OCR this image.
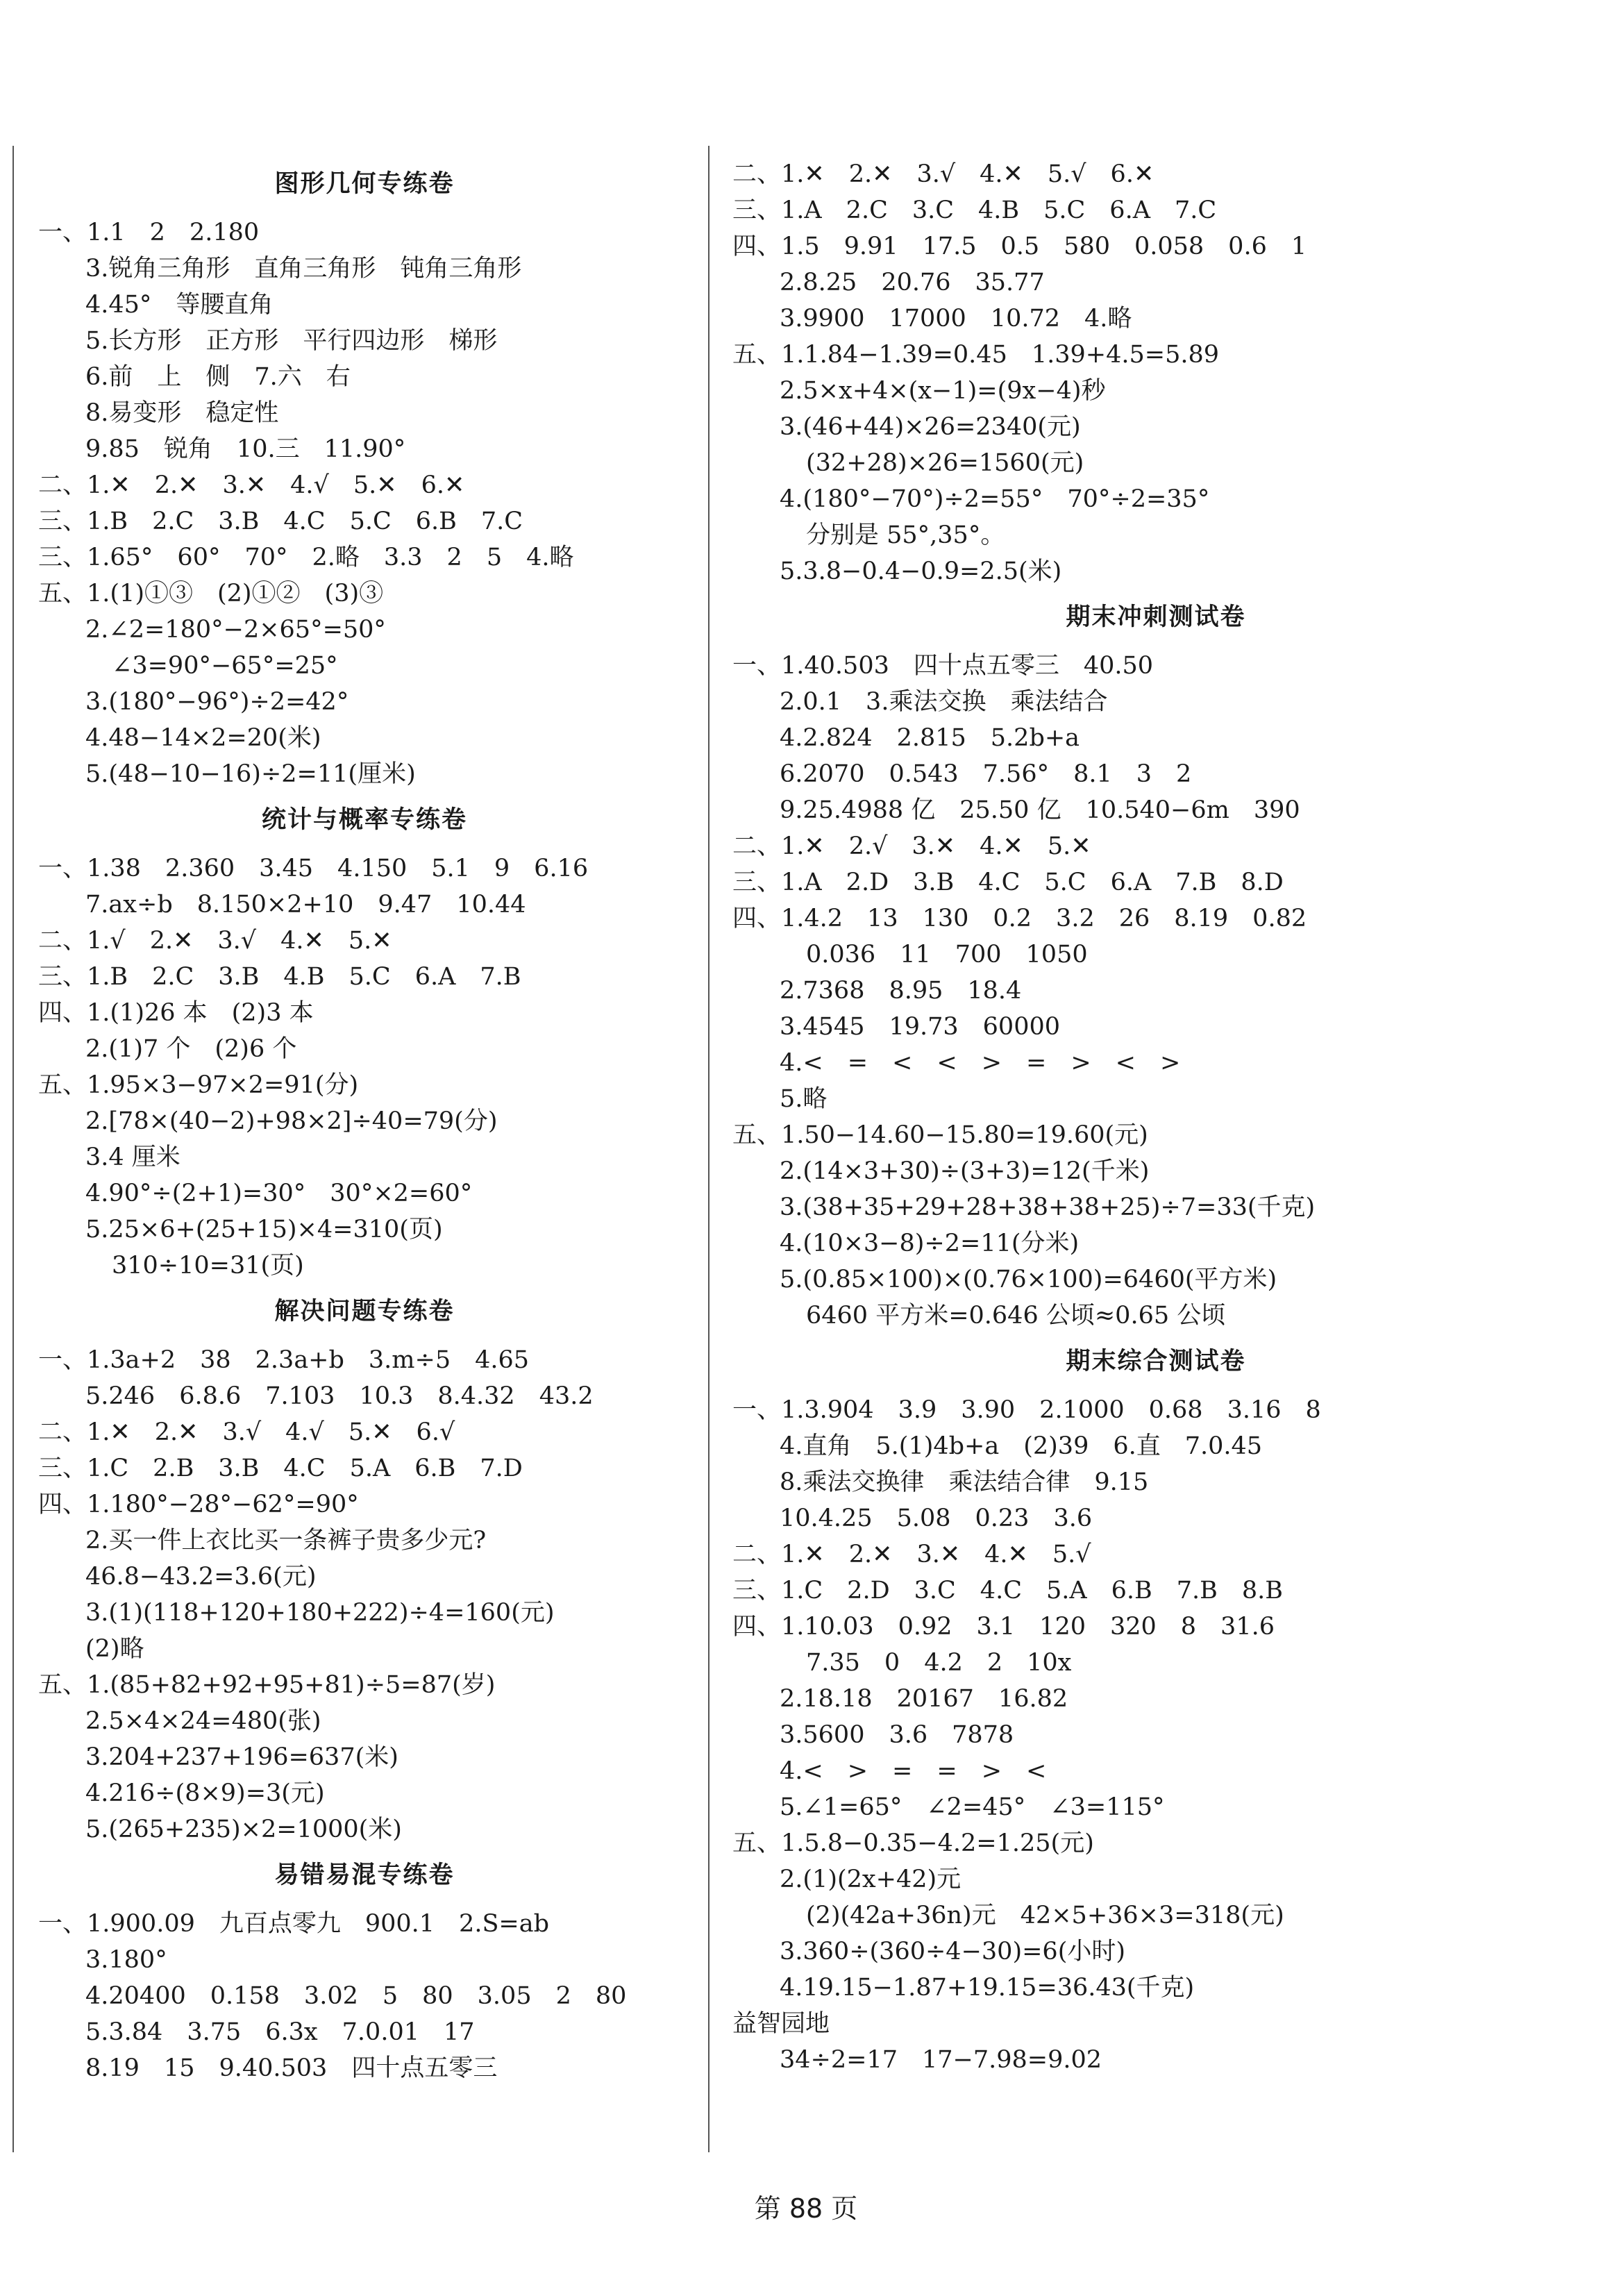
图形几何专练卷
一、1.1　2　2.180
3.锐角三角形　直角三角形　钝角三角形
4.45°　等腰直角
5.长方形　正方形　平行四边形　梯形
6.前　上　侧　7.六　右
8.易变形　稳定性
9.85　锐角　10.三　11.90°
二、1.✕　2.✕　3.✕　4.√　5.✕　6.✕
三、1.B　2.C　3.B　4.C　5.C　6.B　7.C
三、1.65°　60°　70°　2.略　3.3　2　5　4.略
五、1.(1)①③　(2)①②　(3)③
2.∠2=180°−2×65°=50°
∠3=90°−65°=25°
3.(180°−96°)÷2=42°
4.48−14×2=20(米)
5.(48−10−16)÷2=11(厘米)
统计与概率专练卷
一、1.38　2.360　3.45　4.150　5.1　9　6.16
7.ax÷b　8.150×2+10　9.47　10.44
二、1.√　2.✕　3.√　4.✕　5.✕
三、1.B　2.C　3.B　4.B　5.C　6.A　7.B
四、1.(1)26 本　(2)3 本
2.(1)7 个　(2)6 个
五、1.95×3−97×2=91(分)
2.[78×(40−2)+98×2]÷40=79(分)
3.4 厘米
4.90°÷(2+1)=30°　30°×2=60°
5.25×6+(25+15)×4=310(页)
310÷10=31(页)
解决问题专练卷
一、1.3a+2　38　2.3a+b　3.m÷5　4.65
5.246　6.8.6　7.103　10.3　8.4.32　43.2
二、1.✕　2.✕　3.√　4.√　5.✕　6.√
三、1.C　2.B　3.B　4.C　5.A　6.B　7.D
四、1.180°−28°−62°=90°
2.买一件上衣比买一条裤子贵多少元?
46.8−43.2=3.6(元)
3.(1)(118+120+180+222)÷4=160(元)
(2)略
五、1.(85+82+92+95+81)÷5=87(岁)
2.5×4×24=480(张)
3.204+237+196=637(米)
4.216÷(8×9)=3(元)
5.(265+235)×2=1000(米)
易错易混专练卷
一、1.900.09　九百点零九　900.1　2.S=ab
3.180°
4.20400　0.158　3.02　5　80　3.05　2　80
5.3.84　3.75　6.3x　7.0.01　17
8.19　15　9.40.503　四十点五零三
二、1.✕　2.✕　3.√　4.✕　5.√　6.✕
三、1.A　2.C　3.C　4.B　5.C　6.A　7.C
四、1.5　9.91　17.5　0.5　580　0.058　0.6　1
2.8.25　20.76　35.77
3.9900　17000　10.72　4.略
五、1.1.84−1.39=0.45　1.39+4.5=5.89
2.5×x+4×(x−1)=(9x−4)秒
3.(46+44)×26=2340(元)
(32+28)×26=1560(元)
4.(180°−70°)÷2=55°　70°÷2=35°
分别是 55°,35°。
5.3.8−0.4−0.9=2.5(米)
期末冲刺测试卷
一、1.40.503　四十点五零三　40.50
2.0.1　3.乘法交换　乘法结合
4.2.824　2.815　5.2b+a
6.2070　0.543　7.56°　8.1　3　2
9.25.4988 亿　25.50 亿　10.540−6m　390
二、1.✕　2.√　3.✕　4.✕　5.✕
三、1.A　2.D　3.B　4.C　5.C　6.A　7.B　8.D
四、1.4.2　13　130　0.2　3.2　26　8.19　0.82
0.036　11　700　1050
2.7368　8.95　18.4
3.4545　19.73　60000
4.<　=　<　<　>　=　>　<　>
5.略
五、1.50−14.60−15.80=19.60(元)
2.(14×3+30)÷(3+3)=12(千米)
3.(38+35+29+28+38+38+25)÷7=33(千克)
4.(10×3−8)÷2=11(分米)
5.(0.85×100)×(0.76×100)=6460(平方米)
6460 平方米=0.646 公顷≈0.65 公顷
期末综合测试卷
一、1.3.904　3.9　3.90　2.1000　0.68　3.16　8
4.直角　5.(1)4b+a　(2)39　6.直　7.0.45
8.乘法交换律　乘法结合律　9.15
10.4.25　5.08　0.23　3.6
二、1.✕　2.✕　3.✕　4.✕　5.√
三、1.C　2.D　3.C　4.C　5.A　6.B　7.B　8.B
四、1.10.03　0.92　3.1　120　320　8　31.6
7.35　0　4.2　2　10x
2.18.18　20167　16.82
3.5600　3.6　7878
4.<　>　=　=　>　<
5.∠1=65°　∠2=45°　∠3=115°
五、1.5.8−0.35−4.2=1.25(元)
2.(1)(2x+42)元
(2)(42a+36n)元　42×5+36×3=318(元)
3.360÷(360÷4−30)=6(小时)
4.19.15−1.87+19.15=36.43(千克)
益智园地
34÷2=17　17−7.98=9.02
第 88 页
